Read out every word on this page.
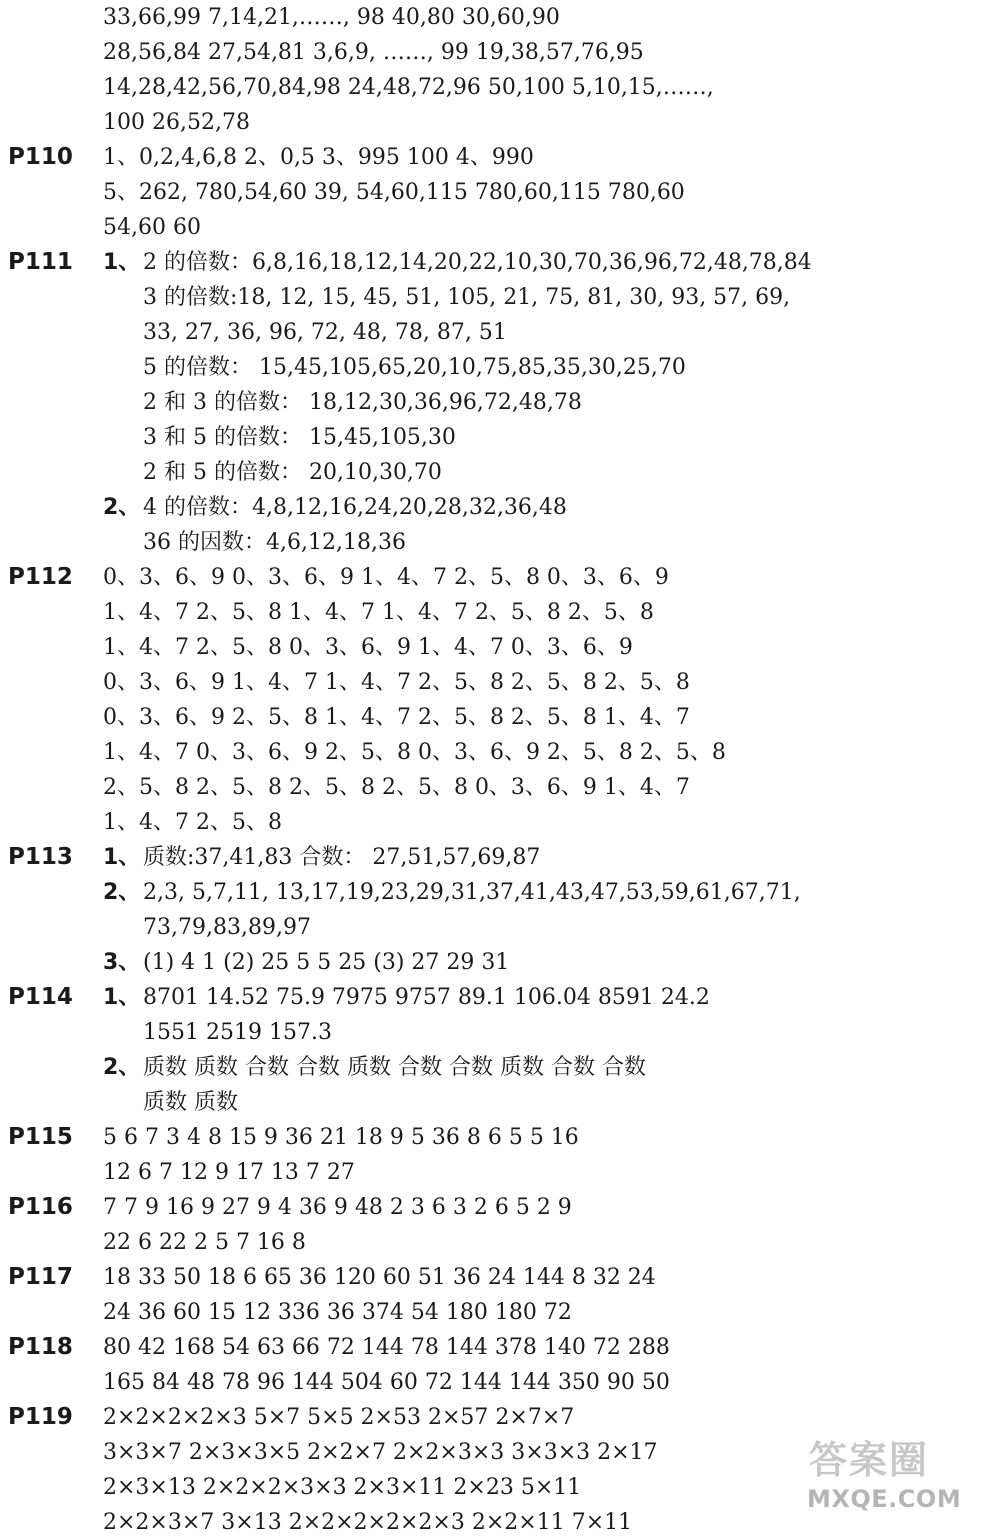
33,66,99 7,14,21,……, 98 40,80 30,60,90
28,56,84 27,54,81 3,6,9, ……, 99 19,38,57,76,95
14,28,42,56,70,84,98 24,48,72,96 50,100 5,10,15,……,
100 26,52,78
P110 1、0,2,4,6,8 2、0,5 3、995 100 4、990
5、262, 780,54,60 39, 54,60,115 780,60,115 780,60
54,60 60
P111 1、 2 的倍数：6,8,16,18,12,14,20,22,10,30,70,36,96,72,48,78,84
3 的倍数:18, 12, 15, 45, 51, 105, 21, 75, 81, 30, 93, 57, 69,
33, 27, 36, 96, 72, 48, 78, 87, 51
5 的倍数： 15,45,105,65,20,10,75,85,35,30,25,70
2 和 3 的倍数： 18,12,30,36,96,72,48,78
3 和 5 的倍数： 15,45,105,30
2 和 5 的倍数： 20,10,30,70
2、 4 的倍数：4,8,12,16,24,20,28,32,36,48
36 的因数：4,6,12,18,36
P112 0、3、6、9 0、3、6、9 1、4、7 2、5、8 0、3、6、9
1、4、7 2、5、8 1、4、7 1、4、7 2、5、8 2、5、8
1、4、7 2、5、8 0、3、6、9 1、4、7 0、3、6、9
0、3、6、9 1、4、7 1、4、7 2、5、8 2、5、8 2、5、8
0、3、6、9 2、5、8 1、4、7 2、5、8 2、5、8 1、4、7
1、4、7 0、3、6、9 2、5、8 0、3、6、9 2、5、8 2、5、8
2、5、8 2、5、8 2、5、8 2、5、8 0、3、6、9 1、4、7
1、4、7 2、5、8
P113 1、 质数:37,41,83 合数： 27,51,57,69,87
2、 2,3, 5,7,11, 13,17,19,23,29,31,37,41,43,47,53,59,61,67,71,
73,79,83,89,97
3、 (1) 4 1 (2) 25 5 5 25 (3) 27 29 31
P114 1、 8701 14.52 75.9 7975 9757 89.1 106.04 8591 24.2
1551 2519 157.3
2、 质数 质数 合数 合数 质数 合数 合数 质数 合数 合数
质数 质数
P115 5 6 7 3 4 8 15 9 36 21 18 9 5 36 8 6 5 5 16
12 6 7 12 9 17 13 7 27
P116 7 7 9 16 9 27 9 4 36 9 48 2 3 6 3 2 6 5 2 9
22 6 22 2 5 7 16 8
P117 18 33 50 18 6 65 36 120 60 51 36 24 144 8 32 24
24 36 60 15 12 336 36 374 54 180 180 72
P118 80 42 168 54 63 66 72 144 78 144 378 140 72 288
165 84 48 78 96 144 504 60 72 144 144 350 90 50
P119 2×2×2×2×3 5×7 5×5 2×53 2×57 2×7×7
3×3×7 2×3×3×5 2×2×7 2×2×3×3 3×3×3 2×17
2×3×13 2×2×2×3×3 2×3×11 2×23 5×11
2×2×3×7 3×13 2×2×2×2×2×3 2×2×11 7×11
答案圈
MXQE.COM
